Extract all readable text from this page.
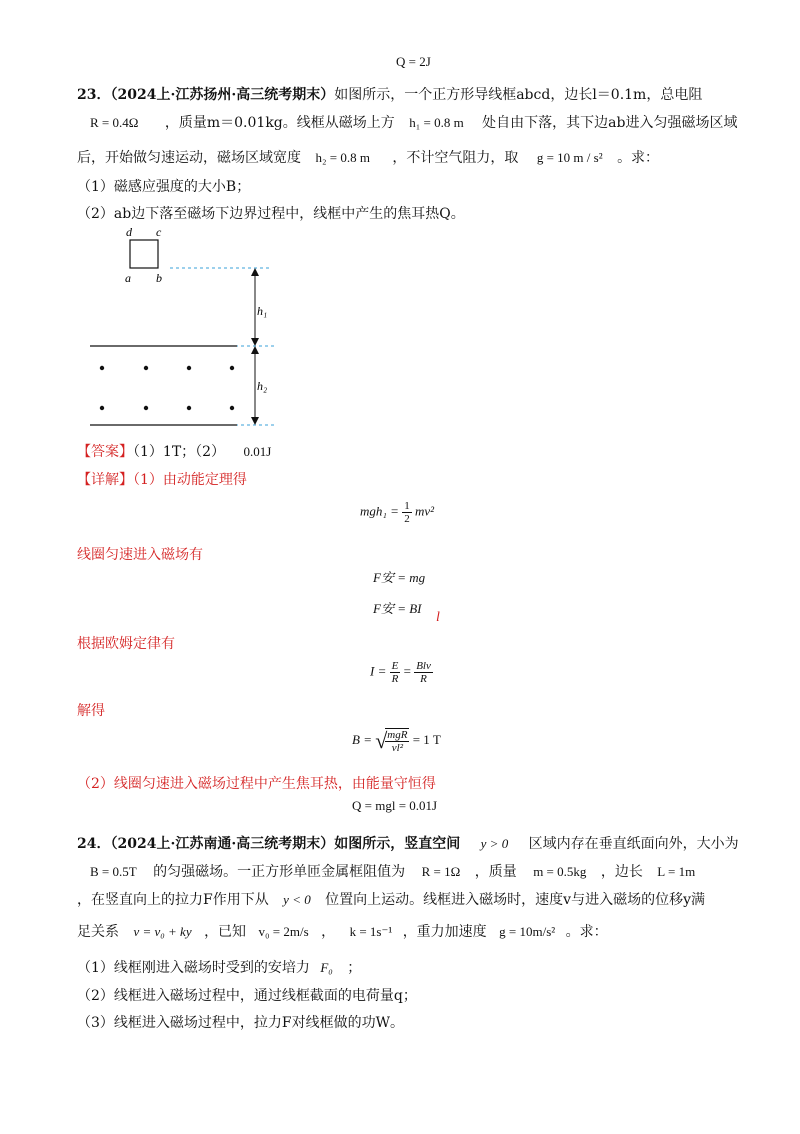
Q = 2J
23．（2024上·江苏扬州·高三统考期末）如图所示，一个正方形导线框abcd，边长l＝0.1m，总电阻
R = 0.4Ω ，质量m＝0.01kg。线框从磁场上方 h₁ = 0.8 m 处自由下落，其下边ab进入匀强磁场区域
后，开始做匀速运动，磁场区域宽度 h₂ = 0.8 m ，不计空气阻力，取 g = 10 m / s² 。求：
（1）磁感应强度的大小B；
（2）ab边下落至磁场下边界过程中，线框中产生的焦耳热Q。
d c
a b
h₁
h₂
【答案】（1）1T；（2） 0.01J
【详解】（1）由动能定理得
$mgh_1 = \frac{1}{2} mv^2$
线圈匀速进入磁场有
F安 = mg
F安 = BI
l
根据欧姆定律有
$I = \frac{E}{R} = \frac{\text{Blv}}{R}$
解得
B = √
$\frac{\text{mgR}}{\text{vl²}} = 1$ T
（2）线圈匀速进入磁场过程中产生焦耳热，由能量守恒得
Q = mgl = 0.01J
24．（2024上·江苏南通·高三统考期末）如图所示，竖直空间 y > 0 区域内存在垂直纸面向外，大小为
B = 0.5T 的匀强磁场。一正方形单匝金属框阻值为 R = 1Ω ，质量 m = 0.5kg ，边长 L = 1m
，在竖直向上的拉力F作用下从 y < 0 位置向上运动。线框进入磁场时，速度v与进入磁场的位移y满
足关系 v = v₀ + ky ，已知 v₀ = 2m/s ， k = 1s⁻¹ ，重力加速度 g = 10m/s² 。求：
（1）线框刚进入磁场时受到的安培力 F₀ ；
（2）线框进入磁场过程中，通过线框截面的电荷量q；
（3）线框进入磁场过程中，拉力F对线框做的功W。
